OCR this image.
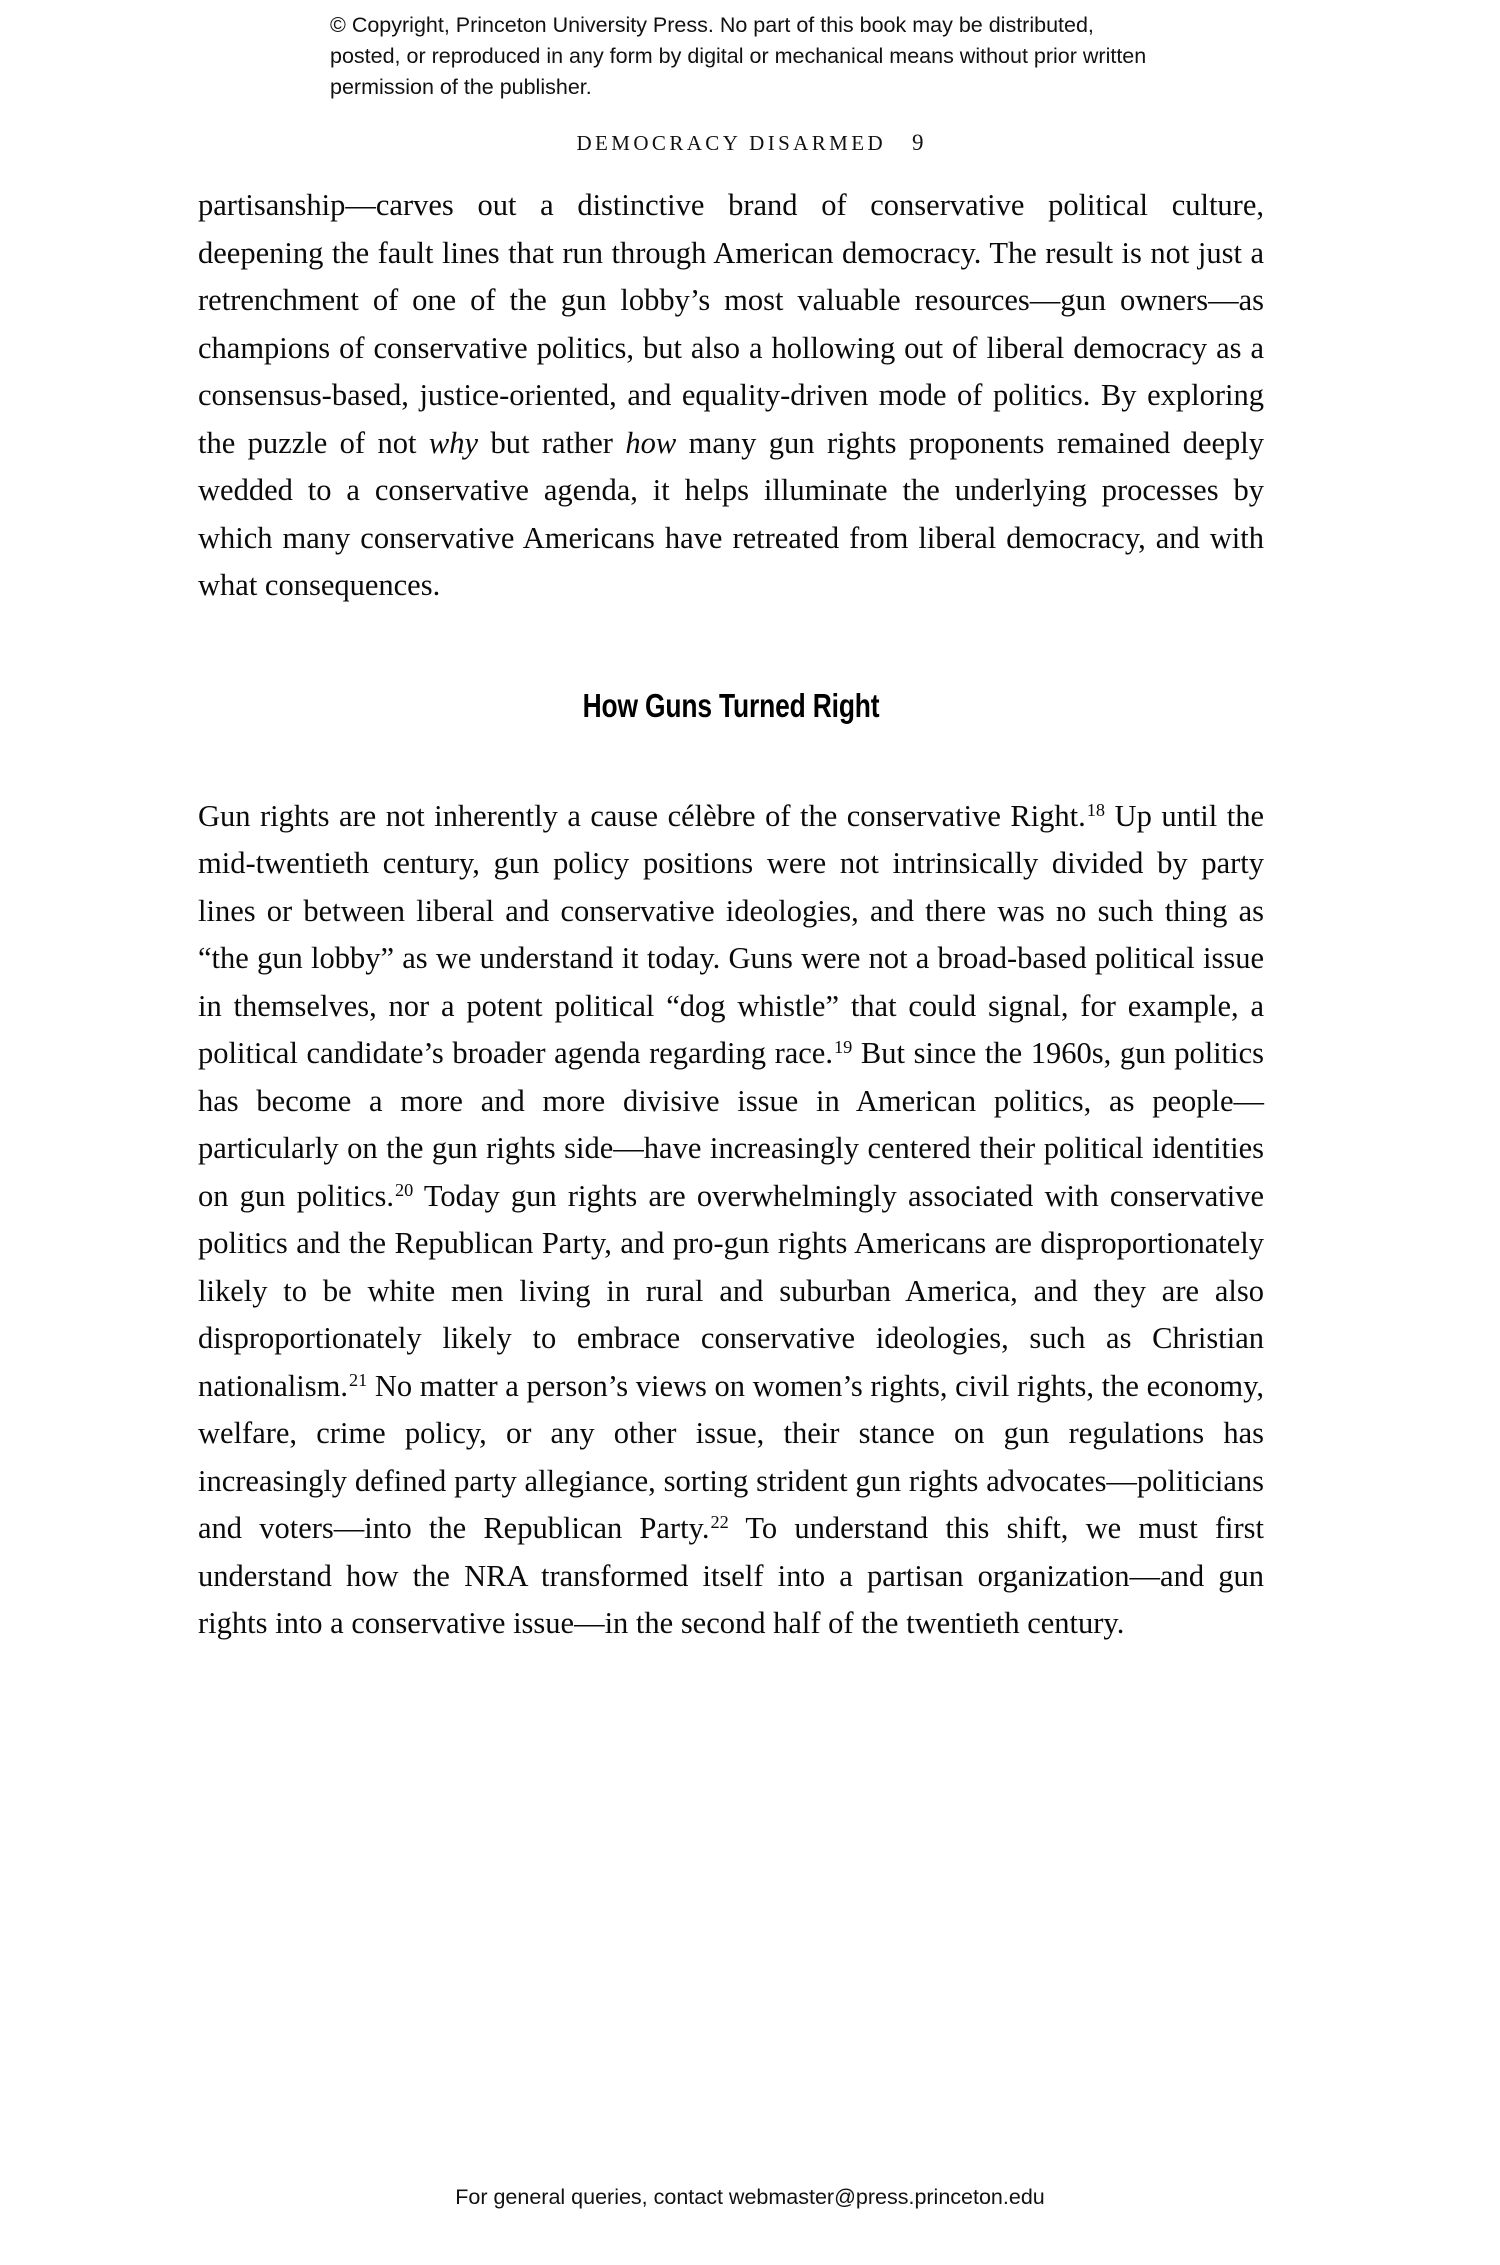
© Copyright, Princeton University Press. No part of this book may be distributed, posted, or reproduced in any form by digital or mechanical means without prior written permission of the publisher.
DEMOCRACY DISARMED 9

partisanship—carves out a distinctive brand of conservative political culture, deepening the fault lines that run through American democracy. The result is not just a retrenchment of one of the gun lobby’s most valuable resources—gun owners—as champions of conservative politics, but also a hollowing out of liberal democracy as a consensus-based, justice-oriented, and equality-driven mode of politics. By exploring the puzzle of not why but rather how many gun rights proponents remained deeply wedded to a conservative agenda, it helps illuminate the underlying processes by which many conservative Americans have retreated from liberal democracy, and with what consequences.

How Guns Turned Right

Gun rights are not inherently a cause célèbre of the conservative Right.$^{18}$ Up until the mid-twentieth century, gun policy positions were not intrinsically divided by party lines or between liberal and conservative ideologies, and there was no such thing as “the gun lobby” as we understand it today. Guns were not a broad-based political issue in themselves, nor a potent political “dog whistle” that could signal, for example, a political candidate’s broader agenda regarding race.$^{19}$ But since the 1960s, gun politics has become a more and more divisive issue in American politics, as people—particularly on the gun rights side—have increasingly centered their political identities on gun politics.$^{20}$ Today gun rights are overwhelmingly associated with conservative politics and the Republican Party, and pro-gun rights Americans are disproportionately likely to be white men living in rural and suburban America, and they are also disproportionately likely to embrace conservative ideologies, such as Christian nationalism.$^{21}$ No matter a person’s views on women’s rights, civil rights, the economy, welfare, crime policy, or any other issue, their stance on gun regulations has increasingly defined party allegiance, sorting strident gun rights advocates—politicians and voters—into the Republican Party.$^{22}$ To understand this shift, we must first understand how the NRA transformed itself into a partisan organization—and gun rights into a conservative issue—in the second half of the twentieth century.

For general queries, contact webmaster@press.princeton.edu
